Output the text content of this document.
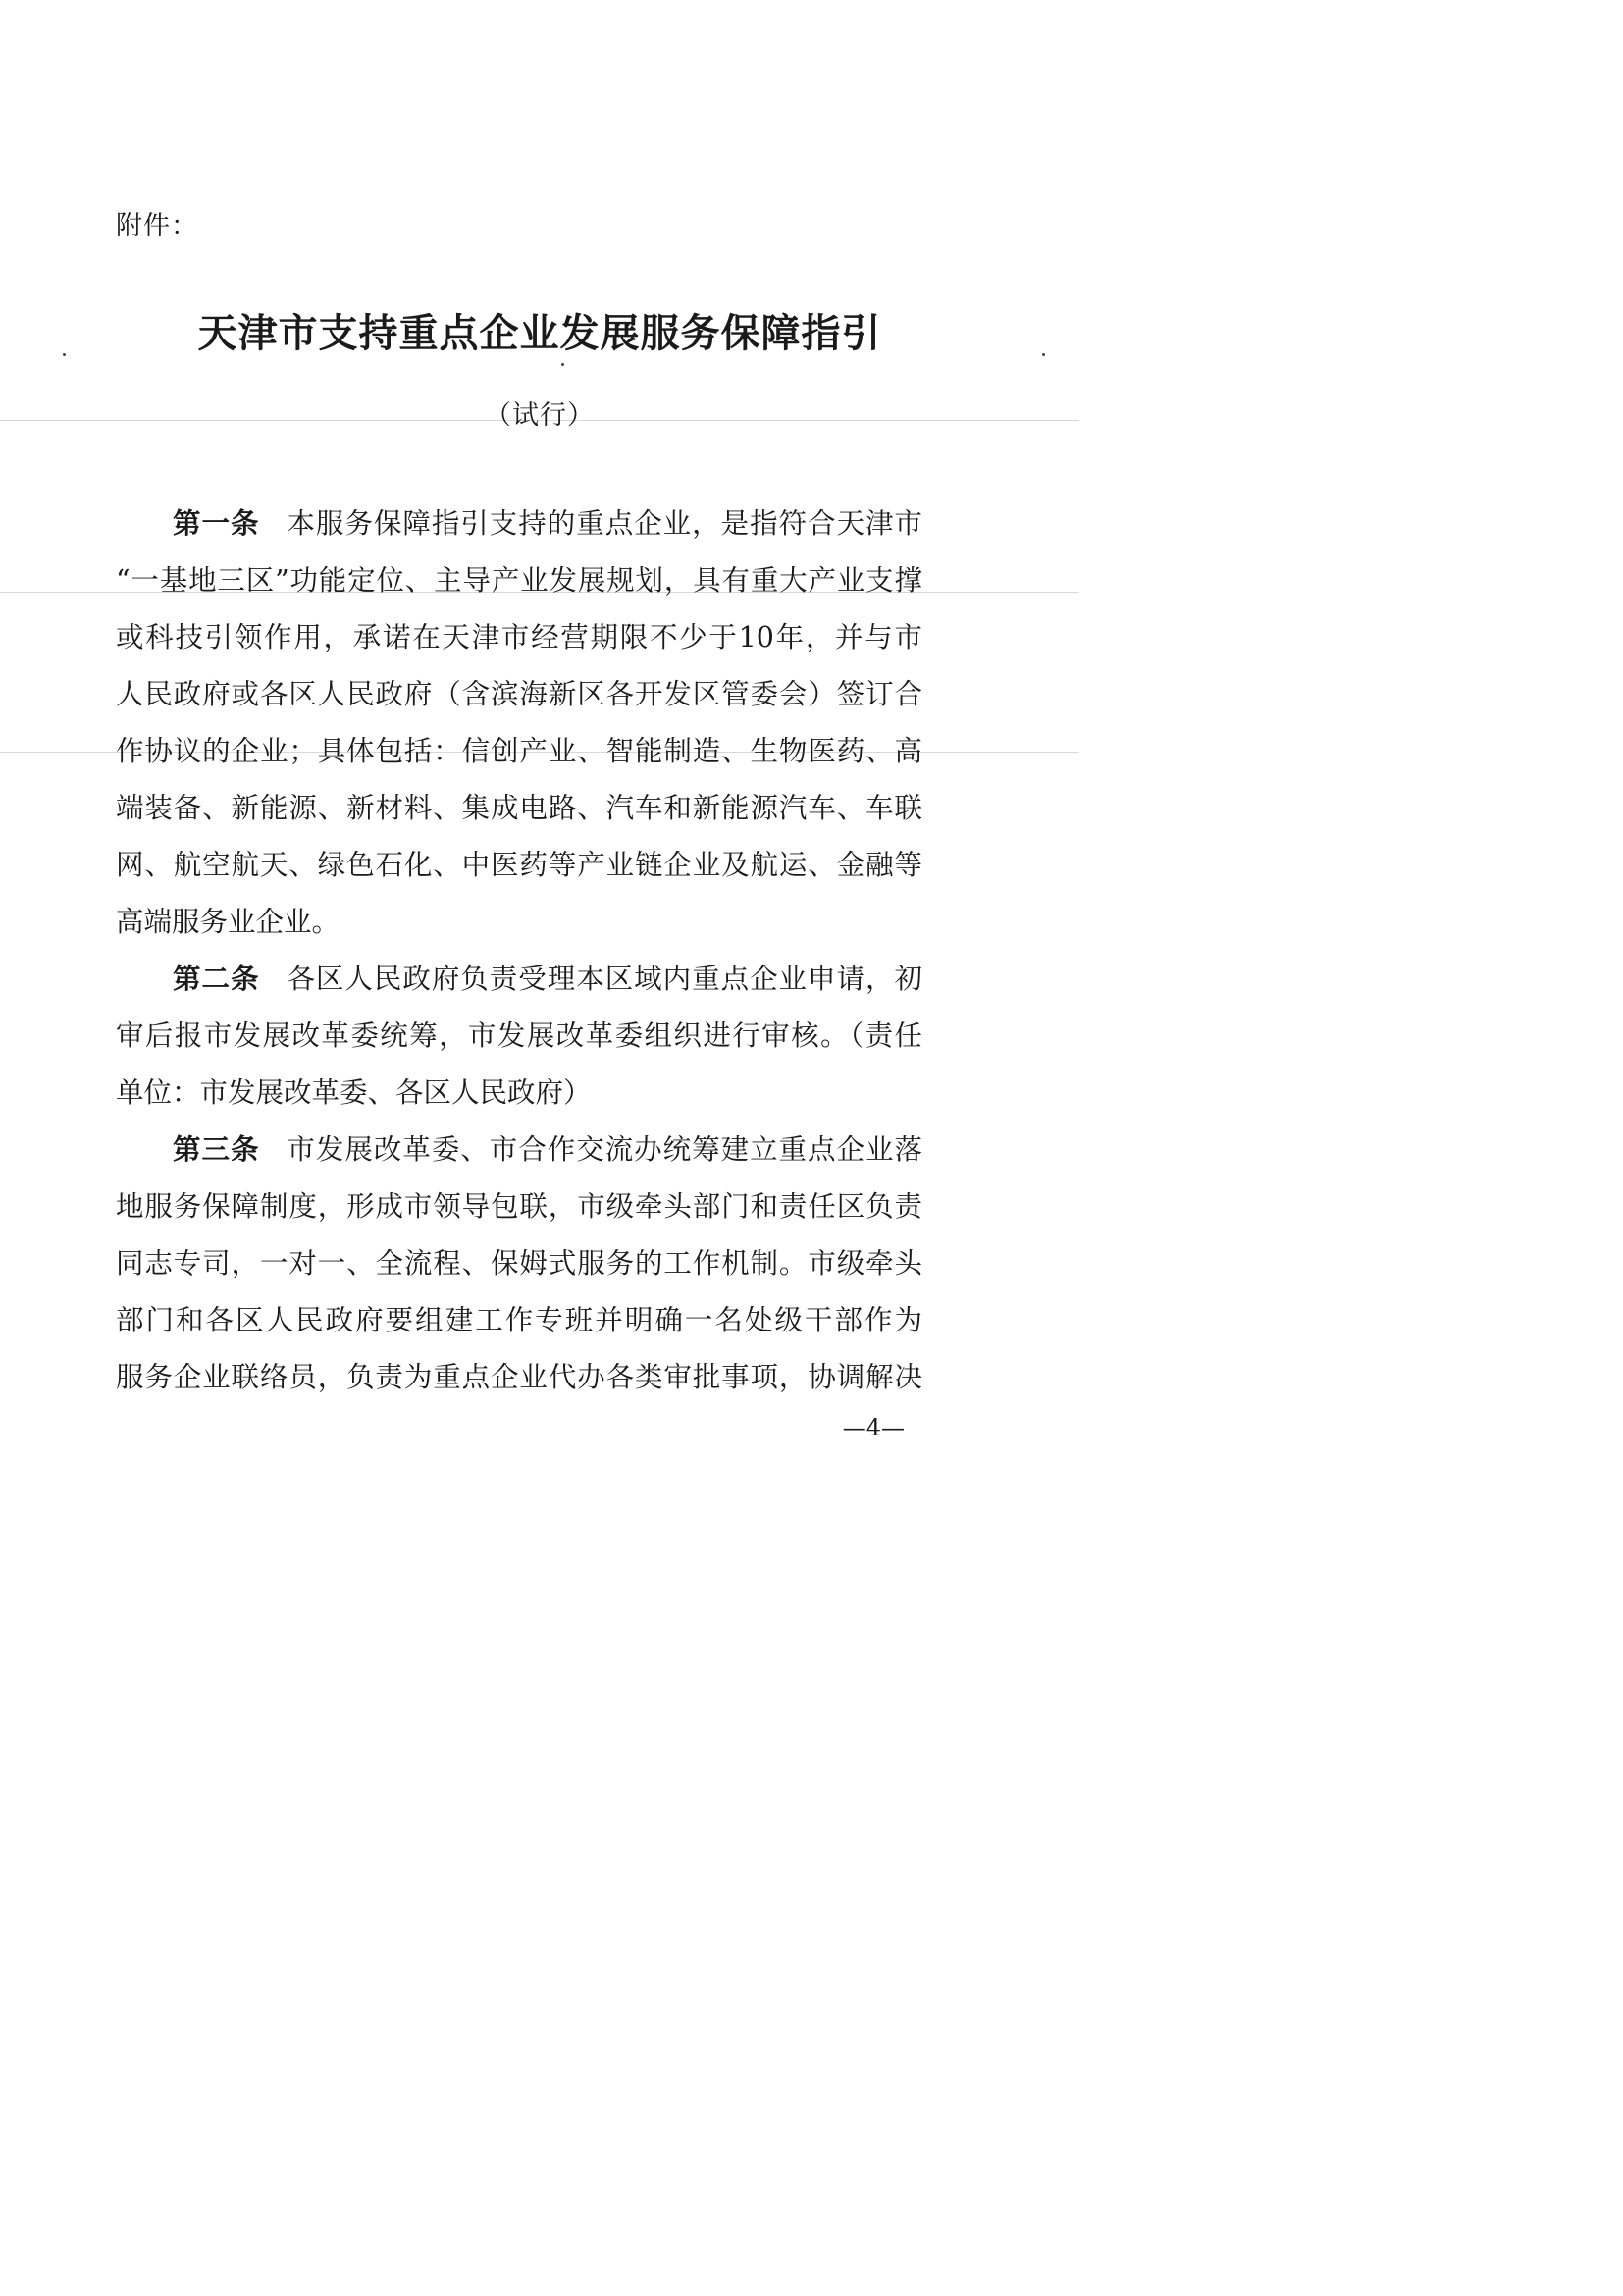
附件：
天津市支持重点企业发展服务保障指引
（试行）
第一条 本服务保障指引支持的重点企业，是指符合天津市
“一基地三区”功能定位、主导产业发展规划，具有重大产业支撑
或科技引领作用，承诺在天津市经营期限不少于10年，并与市
人民政府或各区人民政府（含滨海新区各开发区管委会）签订合
作协议的企业；具体包括：信创产业、智能制造、生物医药、高
端装备、新能源、新材料、集成电路、汽车和新能源汽车、车联
网、航空航天、绿色石化、中医药等产业链企业及航运、金融等
高端服务业企业。
第二条 各区人民政府负责受理本区域内重点企业申请，初
审后报市发展改革委统筹，市发展改革委组织进行审核。（责任
单位：市发展改革委、各区人民政府）
第三条 市发展改革委、市合作交流办统筹建立重点企业落
地服务保障制度，形成市领导包联，市级牵头部门和责任区负责
同志专司，一对一、全流程、保姆式服务的工作机制。市级牵头
部门和各区人民政府要组建工作专班并明确一名处级干部作为
服务企业联络员，负责为重点企业代办各类审批事项，协调解决
—4—
